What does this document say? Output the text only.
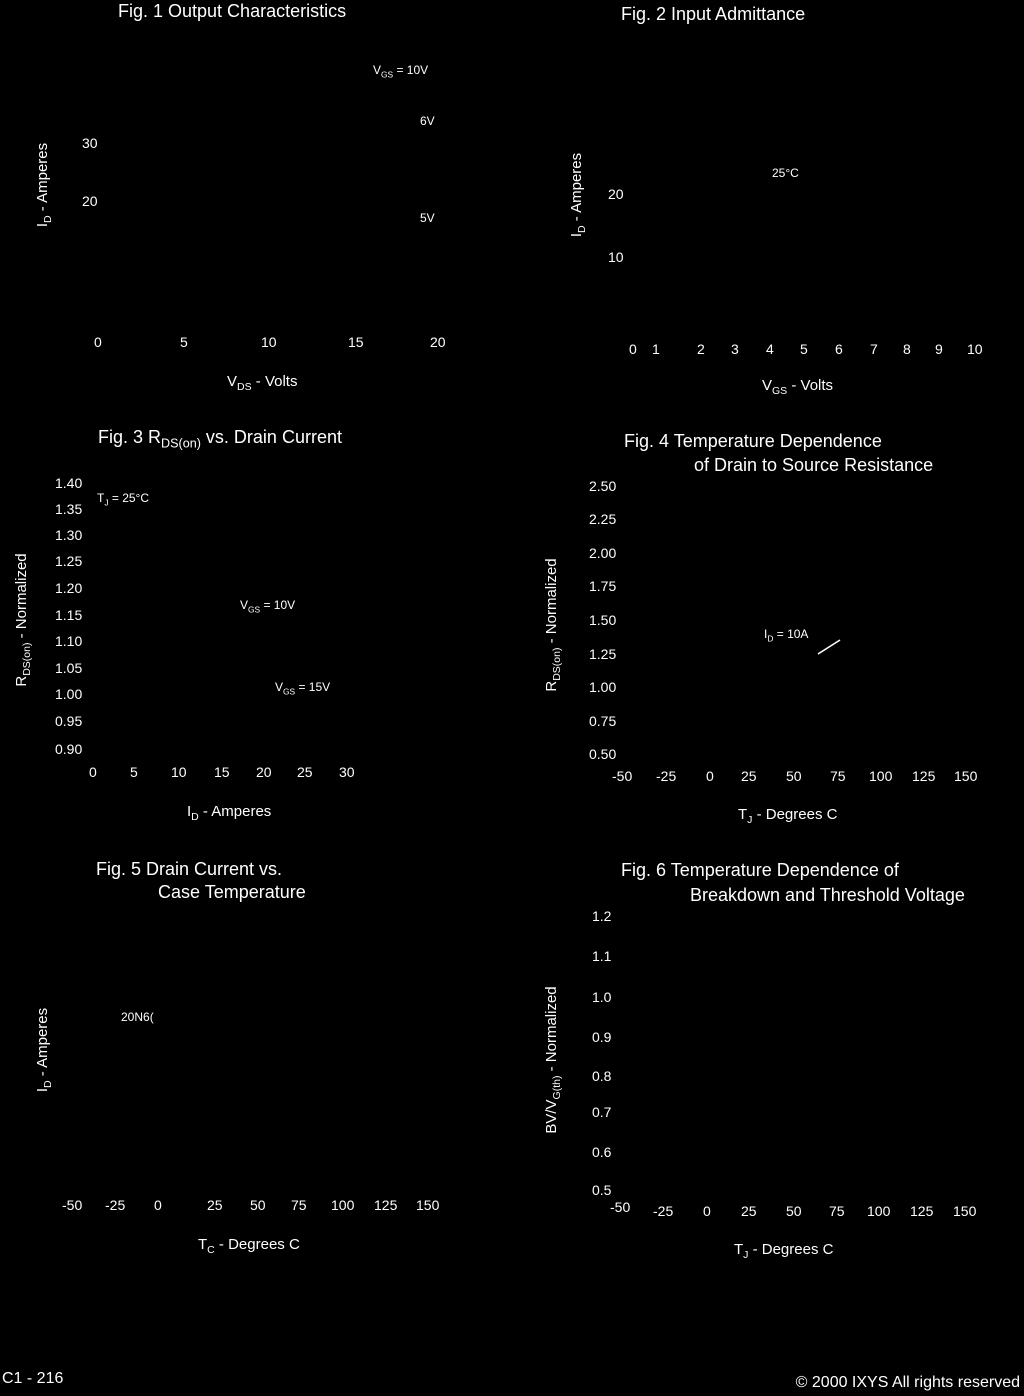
Fig. 1 Output Characteristics
$V_{GS} = 10V$
6V
5V
$I_D$ - Amperes 30
20
0	5	10	15	20
$V_{DS}$ - Volts
Fig. 2 Input Admittance
25°C
$I_D$ - Amperes 20
10
0 1	2 3 4 5 6 7 8 9 10
$V_{GS}$ - Volts
Fig. 3 $R_{DS(on)}$ vs. Drain Current
$T_J = 25^\circ C$
$V_{GS} = 10V$
$V_{GS} = 15V$
$R_{DS(on)}$ - Normalized
1.40
1.35
1.30
1.25
1.20
1.15
1.10
1.05
1.00
0.95
0.90
0 5 10 15 20 25 30
$I_D$ - Amperes
Fig. 4 Temperature Dependence
of Drain to Source Resistance
$I_D = 10A$
$R_{DS(on)}$ - Normalized
2.50
2.25
2.00
1.75
1.50
1.25
1.00
0.75
0.50
-50 -25 0 25 50 75 100 125 150
$T_J$ - Degrees C
Fig. 5 Drain Current vs.
Case Temperature
20N6(
$I_D$ - Amperes
-50 -25 0	25 50 75 100 125 150
$T_C$ - Degrees C
Fig. 6 Temperature Dependence of
Breakdown and Threshold Voltage
$BV/V_{G(th)}$ - Normalized
1.2
1.1
1.0
0.9
0.8
0.7
0.6
0.5
-50 -25 0 25 50 75 100 125 150
$T_J$ - Degrees C
C1 - 216	© 2000 IXYS All rights reserved
